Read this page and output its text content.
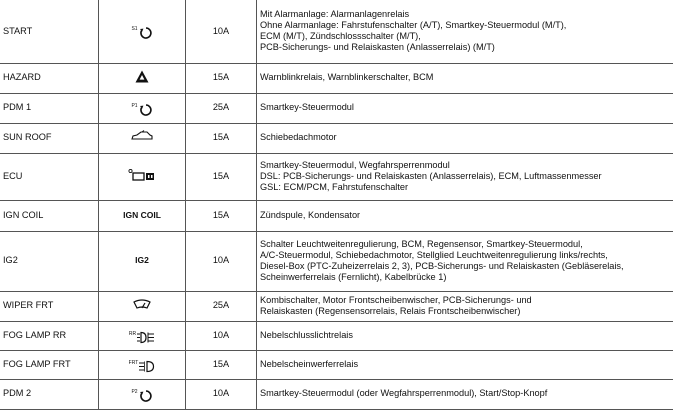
START	S1	10A	Mit Alarmanlage: Alarmanlagenrelais
Ohne Alarmanlage: Fahrstufenschalter (A/T), Smartkey-Steuermodul (M/T),
ECM (M/T), Zündschlossschalter (M/T),
PCB-Sicherungs- und Relaiskasten (Anlasserrelais) (M/T)

HAZARD		15A	Warnblinkrelais, Warnblinkerschalter, BCM

PDM 1	P1	25A	Smartkey-Steuermodul

SUN ROOF		15A	Schiebedachmotor

ECU		15A	Smartkey-Steuermodul, Wegfahrsperrenmodul
DSL: PCB-Sicherungs- und Relaiskasten (Anlasserrelais), ECM, Luftmassenmesser
GSL: ECM/PCM, Fahrstufenschalter

IGN COIL	IGN COIL	15A	Zündspule, Kondensator

IG2	IG2	10A	Schalter Leuchtweitenregulierung, BCM, Regensensor, Smartkey-Steuermodul,
A/C-Steuermodul, Schiebedachmotor, Stellglied Leuchtweitenregulierung links/rechts,
Diesel-Box (PTC-Zuheizerrelais 2, 3), PCB-Sicherungs- und Relaiskasten (Gebläserelais,
Scheinwerferrelais (Fernlicht), Kabelbrücke 1)

WIPER FRT		25A	Kombischalter, Motor Frontscheibenwischer, PCB-Sicherungs- und
Relaiskasten (Regensensorrelais, Relais Frontscheibenwischer)

FOG LAMP RR	RR	10A	Nebelschlusslichtrelais

FOG LAMP FRT	FRT	15A	Nebelscheinwerferrelais

PDM 2	P2	10A	Smartkey-Steuermodul (oder Wegfahrsperrenmodul), Start/Stop-Knopf
